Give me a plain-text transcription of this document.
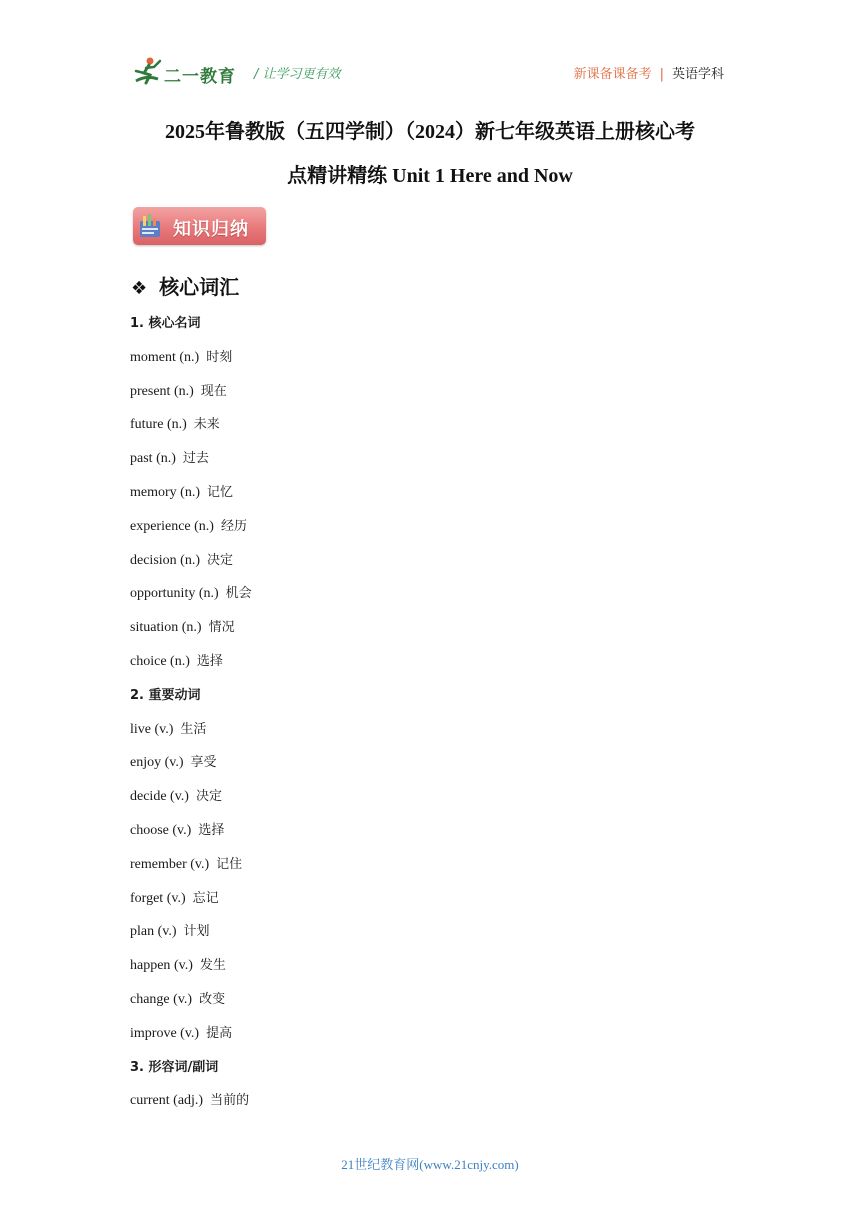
二一教育 / 让学习更有效	新课备课备考 | 英语学科
2025年鲁教版（五四学制）（2024）新七年级英语上册核心考
点精讲精练 Unit 1 Here and Now
知识归纳
❖ 核心词汇
1. 核心名词
moment (n.) 时刻
present (n.) 现在
future (n.) 未来
past (n.) 过去
memory (n.) 记忆
experience (n.) 经历
decision (n.) 决定
opportunity (n.) 机会
situation (n.) 情况
choice (n.) 选择
2. 重要动词
live (v.) 生活
enjoy (v.) 享受
decide (v.) 决定
choose (v.) 选择
remember (v.) 记住
forget (v.) 忘记
plan (v.) 计划
happen (v.) 发生
change (v.) 改变
improve (v.) 提高
3. 形容词/副词
current (adj.) 当前的
21世纪教育网(www.21cnjy.com)
